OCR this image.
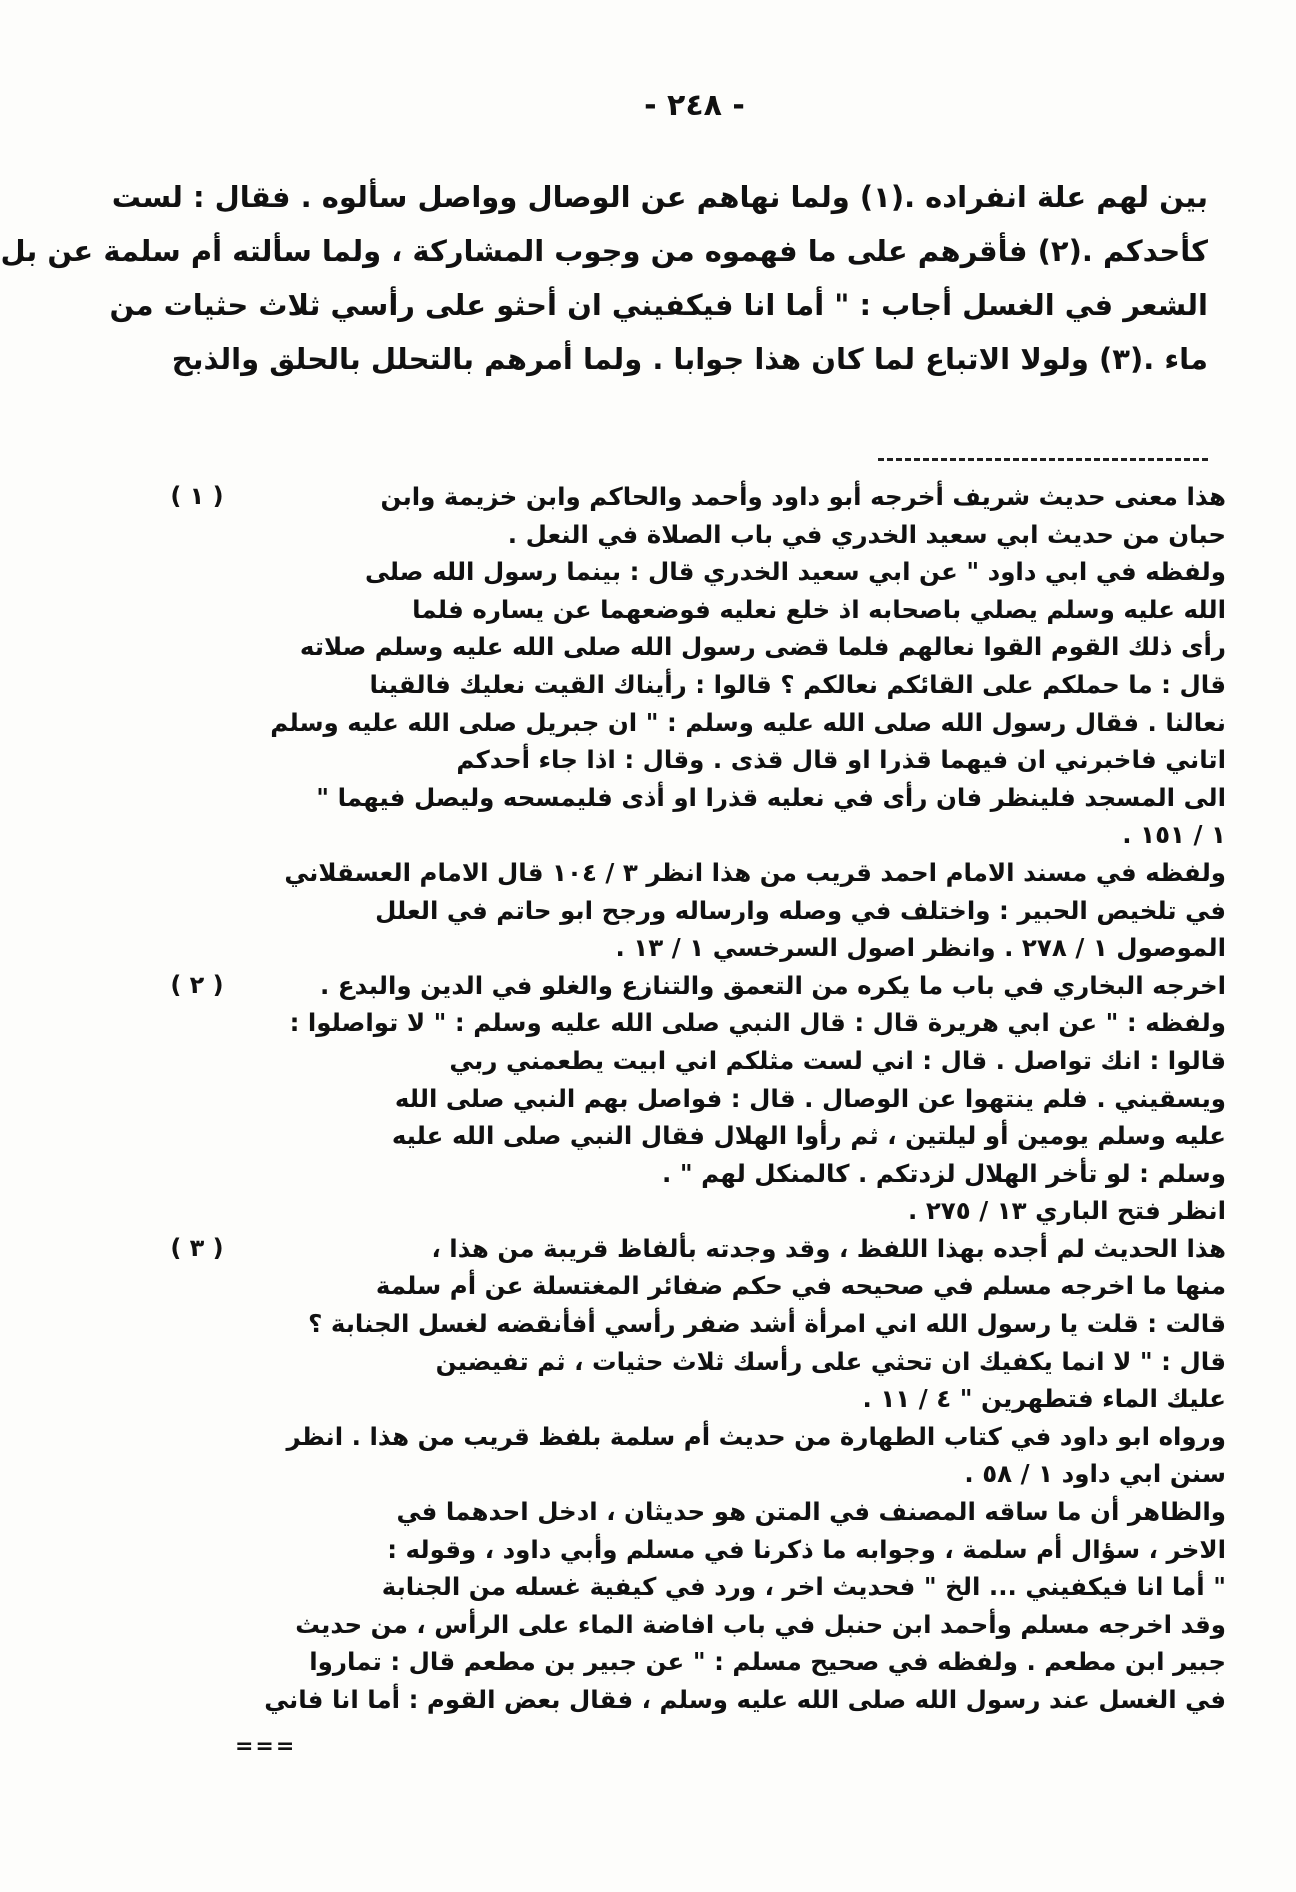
- ٢٤٨ -
بين لهم علة انفراده .(١) ولما نهاهم عن الوصال وواصل سألوه . فقال : لست
كأحدكم .(٢) فأقرهم على ما فهموه من وجوب المشاركة ، ولما سألته أم سلمة عن بل
الشعر في الغسل أجاب : " أما انا فيكفيني ان أحثو على رأسي ثلاث حثيات من
ماء .(٣) ولولا الاتباع لما كان هذا جوابا . ولما أمرهم بالتحلل بالحلق والذبح
هذا معنى حديث شريف أخرجه أبو داود وأحمد والحاكم وابن خزيمة وابن
حبان من حديث ابي سعيد الخدري في باب الصلاة في النعل .
ولفظه في ابي داود " عن ابي سعيد الخدري قال : بينما رسول الله صلى
الله عليه وسلم يصلي باصحابه اذ خلع نعليه فوضعهما عن يساره فلما
رأى ذلك القوم القوا نعالهم فلما قضى رسول الله صلى الله عليه وسلم صلاته
قال : ما حملكم على القائكم نعالكم ؟ قالوا : رأيناك القيت نعليك فالقينا
نعالنا . فقال رسول الله صلى الله عليه وسلم : " ان جبريل صلى الله عليه وسلم
اتاني فاخبرني ان فيهما قذرا او قال قذى . وقال : اذا جاء أحدكم
الى المسجد فلينظر فان رأى في نعليه قذرا او أذى فليمسحه وليصل فيهما "
١ / ١٥١ .
ولفظه في مسند الامام احمد قريب من هذا انظر ٣ / ١٠٤ قال الامام العسقلاني
في تلخيص الحبير : واختلف في وصله وارساله ورجح ابو حاتم في العلل
الموصول ١ / ٢٧٨ . وانظر اصول السرخسي ١ / ١٣ .
( ١ )
اخرجه البخاري في باب ما يكره من التعمق والتنازع والغلو في الدين والبدع .
ولفظه : " عن ابي هريرة قال : قال النبي صلى الله عليه وسلم : " لا تواصلوا :
قالوا : انك تواصل . قال : اني لست مثلكم اني ابيت يطعمني ربي
ويسقيني . فلم ينتهوا عن الوصال . قال : فواصل بهم النبي صلى الله
عليه وسلم يومين أو ليلتين ، ثم رأوا الهلال فقال النبي صلى الله عليه
وسلم : لو تأخر الهلال لزدتكم . كالمنكل لهم " .
انظر فتح الباري ١٣ / ٢٧٥ .
( ٢ )
هذا الحديث لم أجده بهذا اللفظ ، وقد وجدته بألفاظ قريبة من هذا ،
منها ما اخرجه مسلم في صحيحه في حكم ضفائر المغتسلة عن أم سلمة
قالت : قلت يا رسول الله اني امرأة أشد ضفر رأسي أفأنقضه لغسل الجنابة ؟
قال : " لا انما يكفيك ان تحثي على رأسك ثلاث حثيات ، ثم تفيضين
عليك الماء فتطهرين " ٤ / ١١ .
ورواه ابو داود في كتاب الطهارة من حديث أم سلمة بلفظ قريب من هذا . انظر
سنن ابي داود ١ / ٥٨ .
والظاهر أن ما ساقه المصنف في المتن هو حديثان ، ادخل احدهما في
الاخر ، سؤال أم سلمة ، وجوابه ما ذكرنا في مسلم وأبي داود ، وقوله :
" أما انا فيكفيني ... الخ " فحديث اخر ، ورد في كيفية غسله من الجنابة
وقد اخرجه مسلم وأحمد ابن حنبل في باب افاضة الماء على الرأس ، من حديث
جبير ابن مطعم . ولفظه في صحيح مسلم : " عن جبير بن مطعم قال : تماروا
في الغسل عند رسول الله صلى الله عليه وسلم ، فقال بعض القوم : أما انا فاني
( ٣ )
===
